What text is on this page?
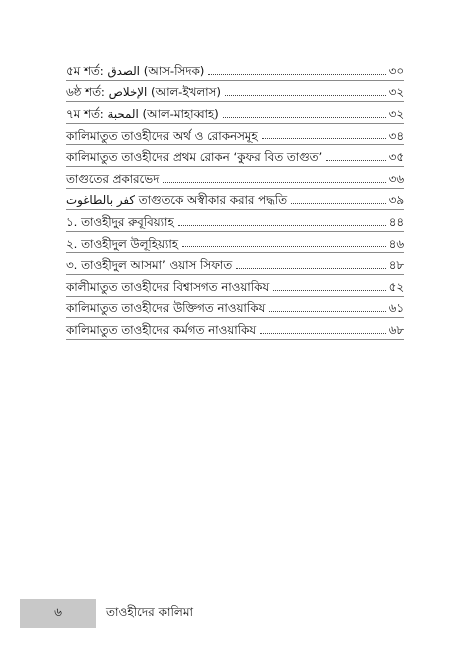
৫ম শর্ত: الصدق (আস-সিদক)	৩০
৬ষ্ঠ শর্ত: الإخلاص (আল-ইখলাস)	৩২
৭ম শর্ত: المحبة (আল-মাহাব্বাহ)	৩২
কালিমাতুত তাওহীদের অর্থ ও রোকনসমূহ	৩৪
কালিমাতুত তাওহীদের প্রথম রোকন ‘কুফর বিত তাগুত’	৩৫
তাগুতের প্রকারভেদ	৩৬
كفر بالطاغوت তাগুতকে অস্বীকার করার পদ্ধতি	৩৯
১. তাওহীদুর রুবূবিয়্যাহ	৪৪
২. তাওহীদুল উলূহিয়্যাহ	৪৬
৩. তাওহীদুল আসমা’ ওয়াস সিফাত	৪৮
কালীমাতুত তাওহীদের বিশ্বাসগত নাওয়াকিয	৫২
কালিমাতুত তাওহীদের উক্তিগত নাওয়াকিয	৬১
কালিমাতুত তাওহীদের কর্মগত নাওয়াকিয	৬৮
৬	তাওহীদের কালিমা
